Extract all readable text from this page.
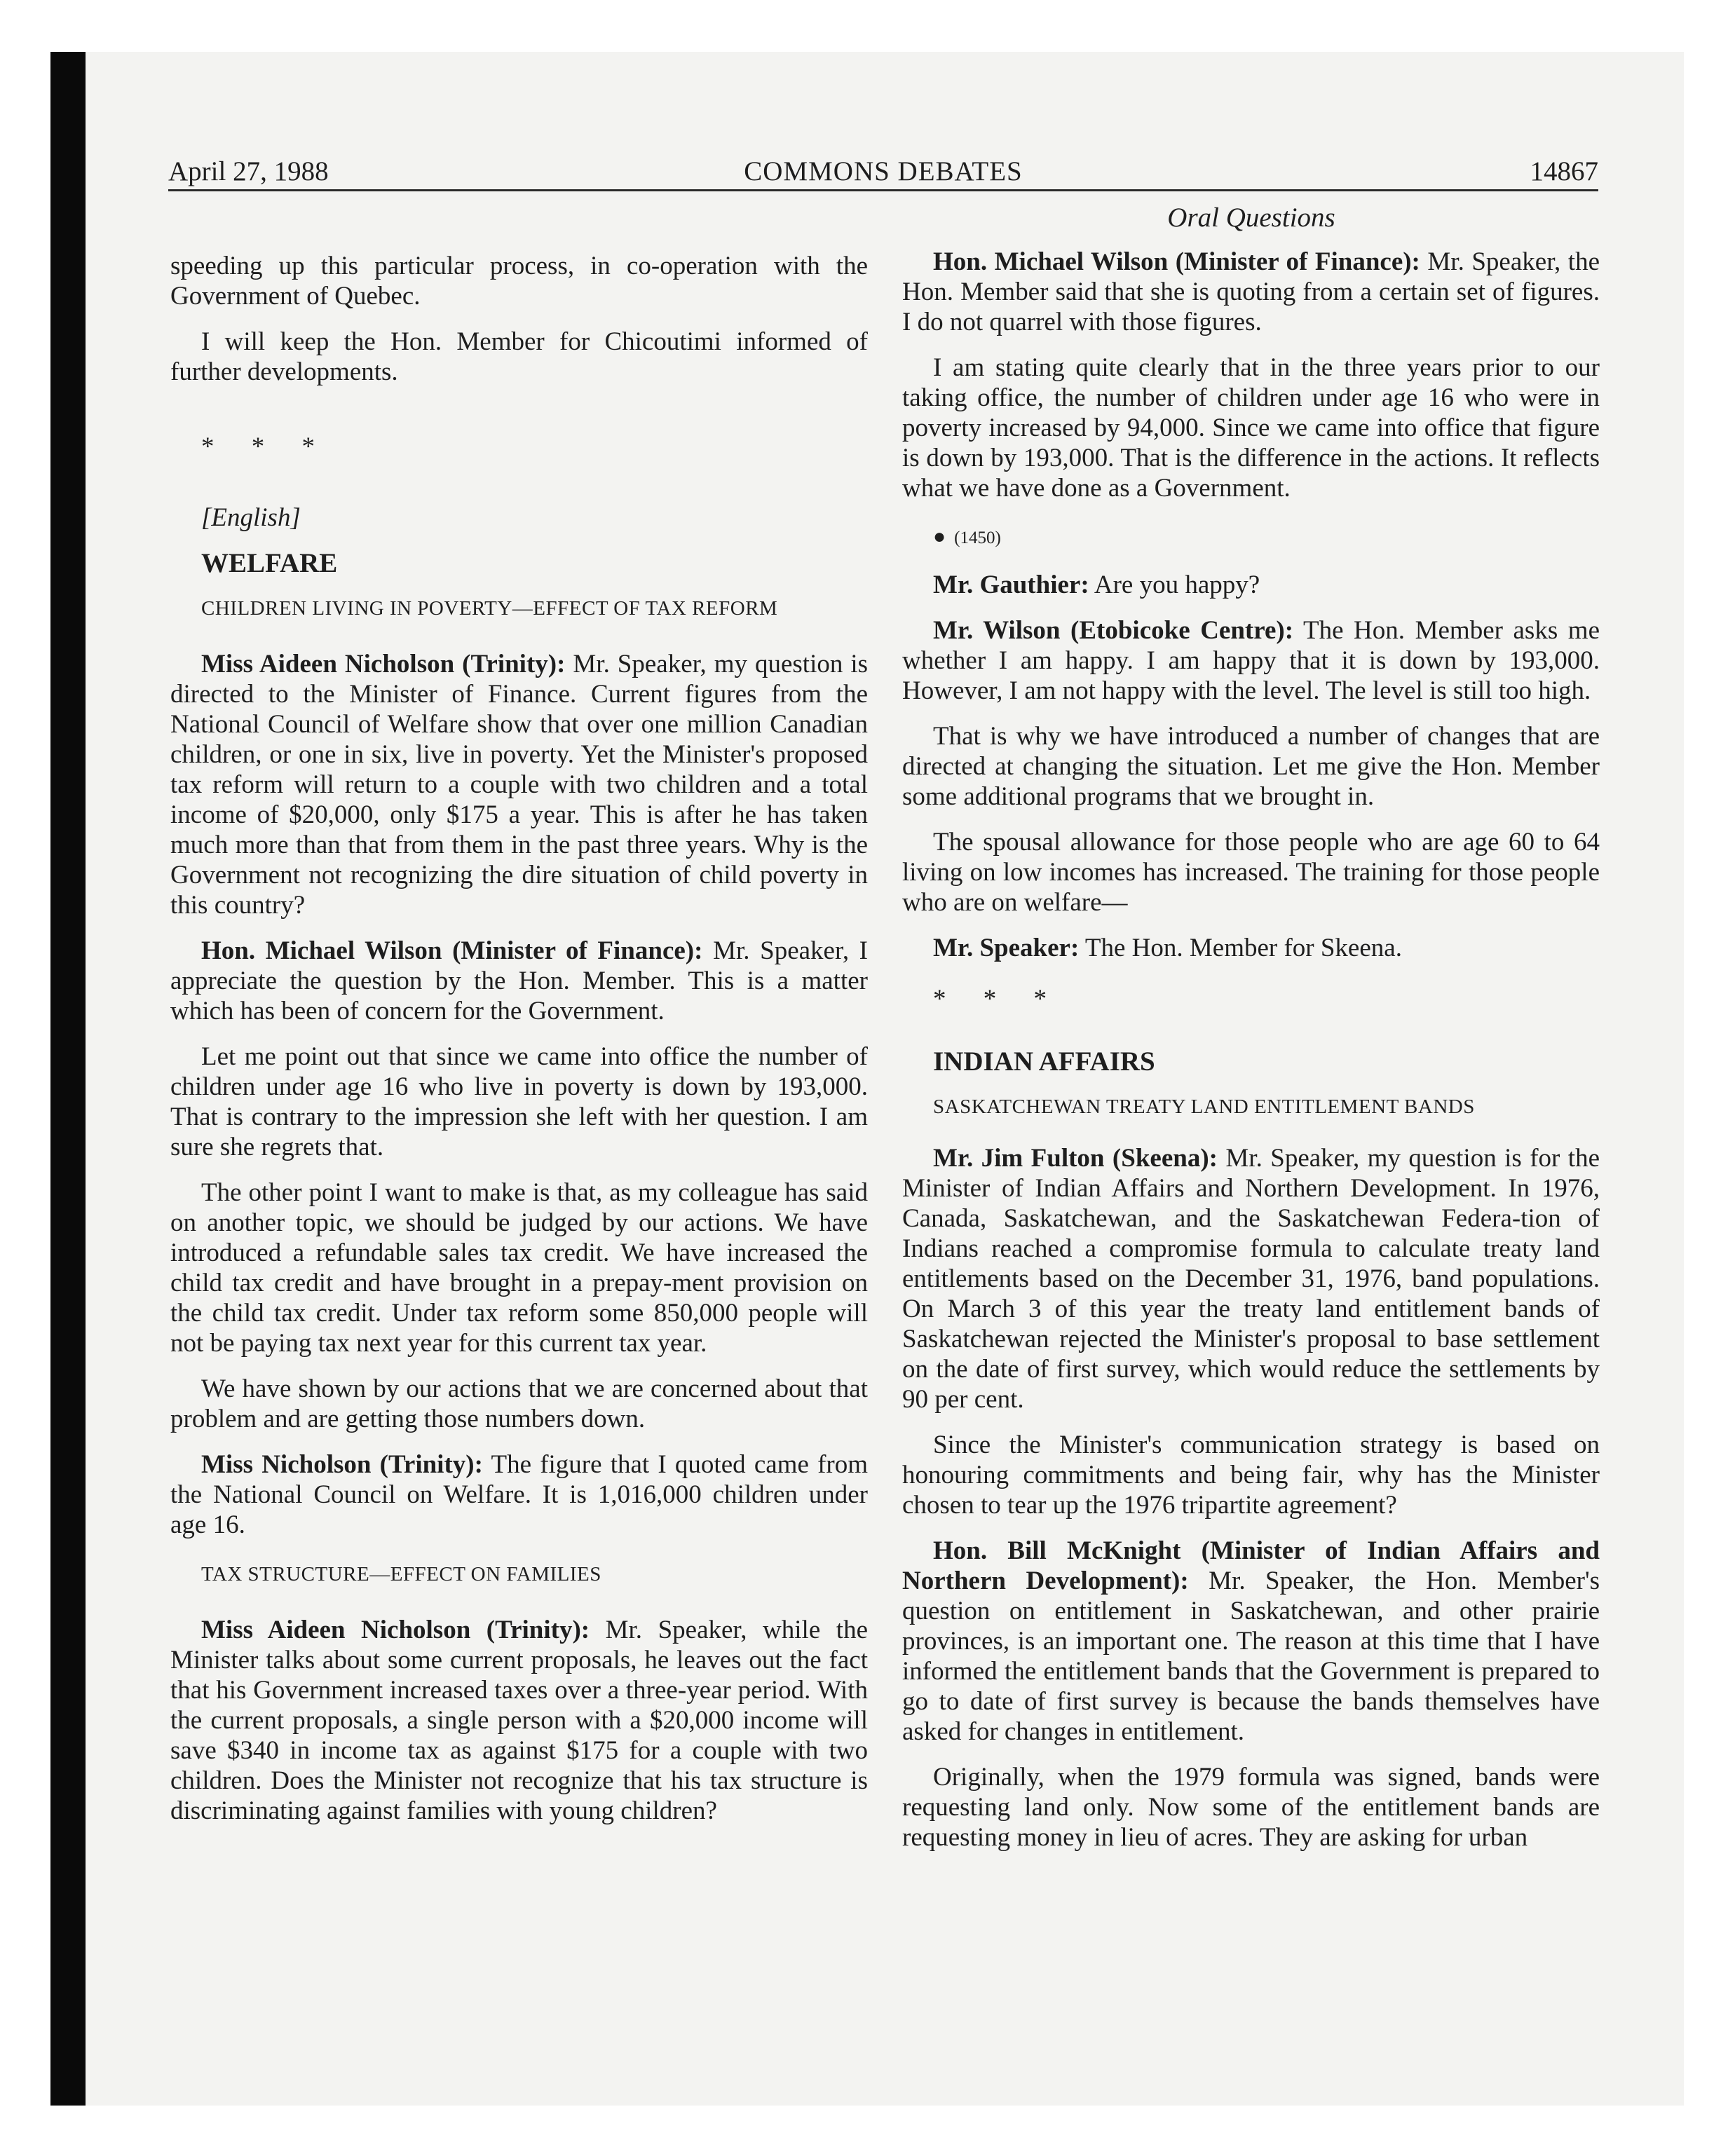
April 27, 1988	COMMONS DEBATES	14867
Oral Questions

speeding up this particular process, in co-operation with the Government of Quebec.

I will keep the Hon. Member for Chicoutimi informed of further developments.

* * *

[English]

WELFARE

CHILDREN LIVING IN POVERTY—EFFECT OF TAX REFORM

Miss Aideen Nicholson (Trinity): Mr. Speaker, my question is directed to the Minister of Finance. Current figures from the National Council of Welfare show that over one million Canadian children, or one in six, live in poverty. Yet the Minister's proposed tax reform will return to a couple with two children and a total income of $20,000, only $175 a year. This is after he has taken much more than that from them in the past three years. Why is the Government not recognizing the dire situation of child poverty in this country?

Hon. Michael Wilson (Minister of Finance): Mr. Speaker, I appreciate the question by the Hon. Member. This is a matter which has been of concern for the Government.

Let me point out that since we came into office the number of children under age 16 who live in poverty is down by 193,000. That is contrary to the impression she left with her question. I am sure she regrets that.

The other point I want to make is that, as my colleague has said on another topic, we should be judged by our actions. We have introduced a refundable sales tax credit. We have increased the child tax credit and have brought in a prepay-ment provision on the child tax credit. Under tax reform some 850,000 people will not be paying tax next year for this current tax year.

We have shown by our actions that we are concerned about that problem and are getting those numbers down.

Miss Nicholson (Trinity): The figure that I quoted came from the National Council on Welfare. It is 1,016,000 children under age 16.

TAX STRUCTURE—EFFECT ON FAMILIES

Miss Aideen Nicholson (Trinity): Mr. Speaker, while the Minister talks about some current proposals, he leaves out the fact that his Government increased taxes over a three-year period. With the current proposals, a single person with a $20,000 income will save $340 in income tax as against $175 for a couple with two children. Does the Minister not recognize that his tax structure is discriminating against families with young children?

Hon. Michael Wilson (Minister of Finance): Mr. Speaker, the Hon. Member said that she is quoting from a certain set of figures. I do not quarrel with those figures.

I am stating quite clearly that in the three years prior to our taking office, the number of children under age 16 who were in poverty increased by 94,000. Since we came into office that figure is down by 193,000. That is the difference in the actions. It reflects what we have done as a Government.

● (1450)

Mr. Gauthier: Are you happy?

Mr. Wilson (Etobicoke Centre): The Hon. Member asks me whether I am happy. I am happy that it is down by 193,000. However, I am not happy with the level. The level is still too high.

That is why we have introduced a number of changes that are directed at changing the situation. Let me give the Hon. Member some additional programs that we brought in.

The spousal allowance for those people who are age 60 to 64 living on low incomes has increased. The training for those people who are on welfare—

Mr. Speaker: The Hon. Member for Skeena.

* * *

INDIAN AFFAIRS

SASKATCHEWAN TREATY LAND ENTITLEMENT BANDS

Mr. Jim Fulton (Skeena): Mr. Speaker, my question is for the Minister of Indian Affairs and Northern Development. In 1976, Canada, Saskatchewan, and the Saskatchewan Federa-tion of Indians reached a compromise formula to calculate treaty land entitlements based on the December 31, 1976, band populations. On March 3 of this year the treaty land entitlement bands of Saskatchewan rejected the Minister's proposal to base settlement on the date of first survey, which would reduce the settlements by 90 per cent.

Since the Minister's communication strategy is based on honouring commitments and being fair, why has the Minister chosen to tear up the 1976 tripartite agreement?

Hon. Bill McKnight (Minister of Indian Affairs and Northern Development): Mr. Speaker, the Hon. Member's question on entitlement in Saskatchewan, and other prairie provinces, is an important one. The reason at this time that I have informed the entitlement bands that the Government is prepared to go to date of first survey is because the bands themselves have asked for changes in entitlement.

Originally, when the 1979 formula was signed, bands were requesting land only. Now some of the entitlement bands are requesting money in lieu of acres. They are asking for urban
